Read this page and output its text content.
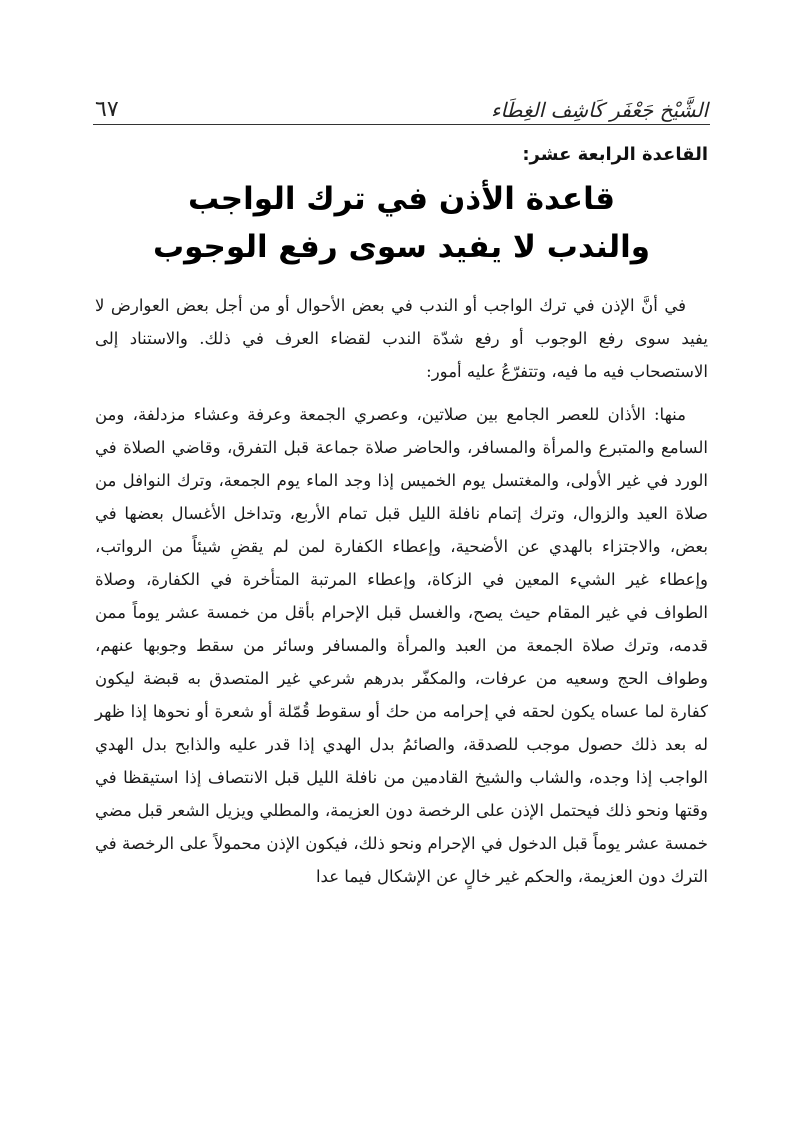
٦٧	الشَّيْخ جَعْفَر كَاشِف الغِطَاء
القاعدة الرابعة عشر:
قاعدة الأذن في ترك الواجب
والندب لا يفيد سوى رفع الوجوب

في أنَّ الإذن في ترك الواجب أو الندب في بعض الأحوال أو من أجل بعض العوارض لا يفيد سوى رفع الوجوب أو رفع شدّة الندب لقضاء العرف في ذلك. والاستناد إلى الاستصحاب فيه ما فيه، وتتفرّعُ عليه أمور:

منها: الأذان للعصر الجامع بين صلاتين، وعصري الجمعة وعرفة وعشاء مزدلفة، ومن السامع والمتبرع والمرأة والمسافر، والحاضر صلاة جماعة قبل التفرق، وقاضي الصلاة في الورد في غير الأولى، والمغتسل يوم الخميس إذا وجد الماء يوم الجمعة، وترك النوافل من صلاة العيد والزوال، وترك إتمام نافلة الليل قبل تمام الأربع، وتداخل الأغسال بعضها في بعض، والاجتزاء بالهدي عن الأضحية، وإعطاء الكفارة لمن لم يقضِ شيئاً من الرواتب، وإعطاء غير الشيء المعين في الزكاة، وإعطاء المرتبة المتأخرة في الكفارة، وصلاة الطواف في غير المقام حيث يصح، والغسل قبل الإحرام بأقل من خمسة عشر يوماً ممن قدمه، وترك صلاة الجمعة من العبد والمرأة والمسافر وسائر من سقط وجوبها عنهم، وطواف الحج وسعيه من عرفات، والمكفّر بدرهم شرعي غير المتصدق به قبضة ليكون كفارة لما عساه يكون لحقه في إحرامه من حك أو سقوط قُمّلة أو شعرة أو نحوها إذا ظهر له بعد ذلك حصول موجب للصدقة، والصائمُ بدل الهدي إذا قدر عليه والذابح بدل الهدي الواجب إذا وجده، والشاب والشيخ القادمين من نافلة الليل قبل الانتصاف إذا استيقظا في وقتها ونحو ذلك فيحتمل الإذن على الرخصة دون العزيمة، والمطلي ويزيل الشعر قبل مضي خمسة عشر يوماً قبل الدخول في الإحرام ونحو ذلك، فيكون الإذن محمولاً على الرخصة في الترك دون العزيمة، والحكم غير خالٍ عن الإشكال فيما عدا
